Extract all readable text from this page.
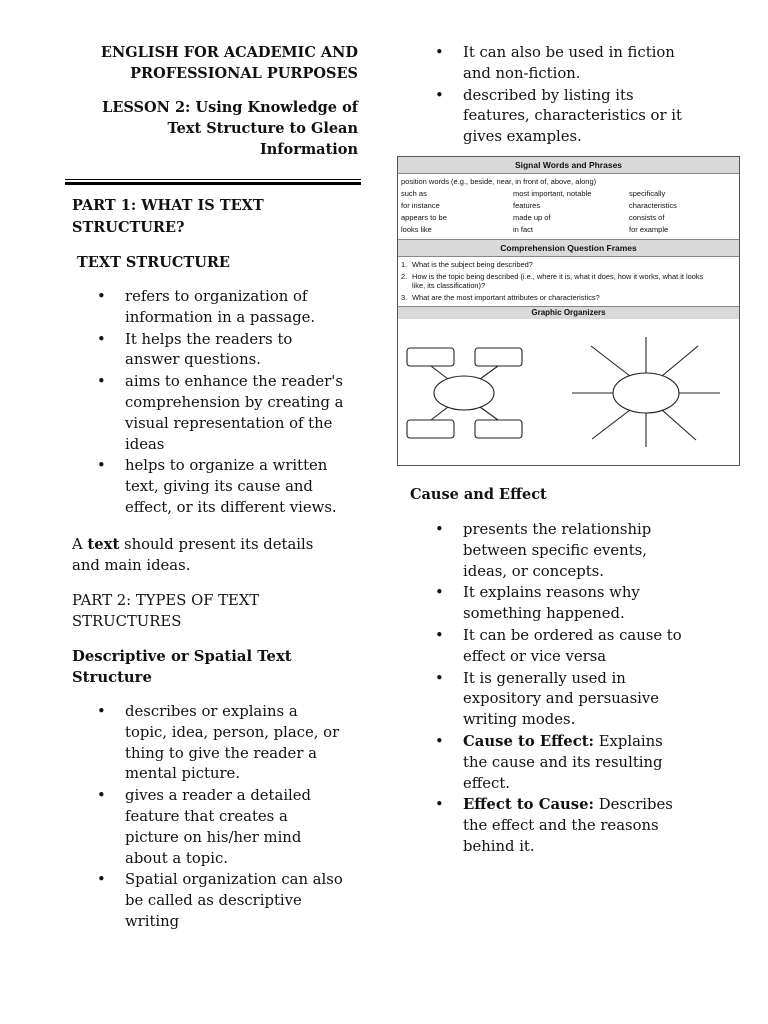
ENGLISH FOR ACADEMIC AND
PROFESSIONAL PURPOSES
LESSON 2: Using Knowledge of
Text Structure to Glean
Information
PART 1: WHAT IS TEXT
STRUCTURE?
TEXT STRUCTURE
• refers to organization of
information in a passage.
• It helps the readers to
answer questions.
• aims to enhance the reader's
comprehension by creating a
visual representation of the
ideas
• helps to organize a written
text, giving its cause and
effect, or its different views.
A text should present its details
and main ideas.
PART 2: TYPES OF TEXT
STRUCTURES
Descriptive or Spatial Text
Structure
• describes or explains a
topic, idea, person, place, or
thing to give the reader a
mental picture.
• gives a reader a detailed
feature that creates a
picture on his/her mind
about a topic.
• Spatial organization can also
be called as descriptive
writing
• It can also be used in fiction
and non-fiction.
• described by listing its
features, characteristics or it
gives examples.
Signal Words and Phrases
position words (e.g., beside, near, in front of, above, along)
such as	most important, notable	specifically
for instance	features	characteristics
appears to be	made up of	consists of
looks like	in fact	for example
Comprehension Question Frames
1. What is the subject being described?
2. How is the topic being described (i.e., where it is, what it does, how it works, what it looks
like, its classification)?
3. What are the most important attributes or characteristics?
Graphic Organizers
Cause and Effect
• presents the relationship
between specific events,
ideas, or concepts.
• It explains reasons why
something happened.
• It can be ordered as cause to
effect or vice versa
• It is generally used in
expository and persuasive
writing modes.
• Cause to Effect: Explains
the cause and its resulting
effect.
• Effect to Cause: Describes
the effect and the reasons
behind it.
